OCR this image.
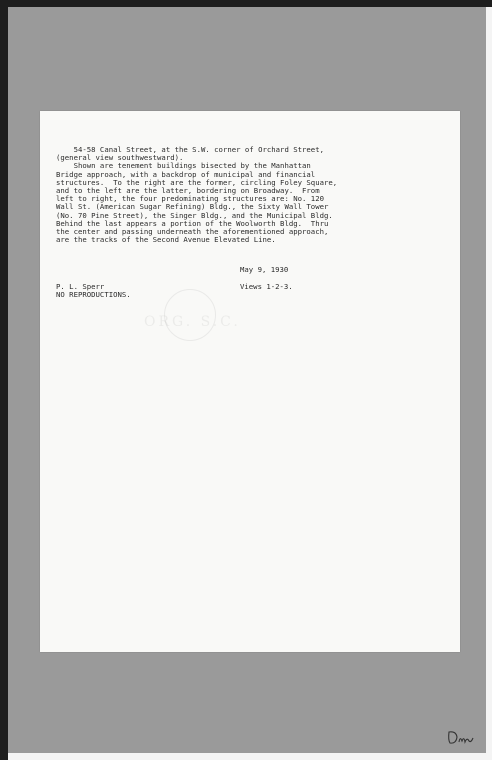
ORG. S.C.

54-58 Canal Street, at the S.W. corner of Orchard Street,
(general view southwestward).
Shown are tenement buildings bisected by the Manhattan
Bridge approach, with a backdrop of municipal and financial
structures.  To the right are the former, circling Foley Square,
and to the left are the latter, bordering on Broadway.  From
left to right, the four predominating structures are: No. 120
Wall St. (American Sugar Refining) Bldg., the Sixty Wall Tower
(No. 70 Pine Street), the Singer Bldg., and the Municipal Bldg.
Behind the last appears a portion of the Woolworth Bldg.  Thru
the center and passing underneath the aforementioned approach,
are the tracks of the Second Avenue Elevated Line.

May 9, 1930

P. L. Sperr
NO REPRODUCTIONS.

Views 1-2-3.
